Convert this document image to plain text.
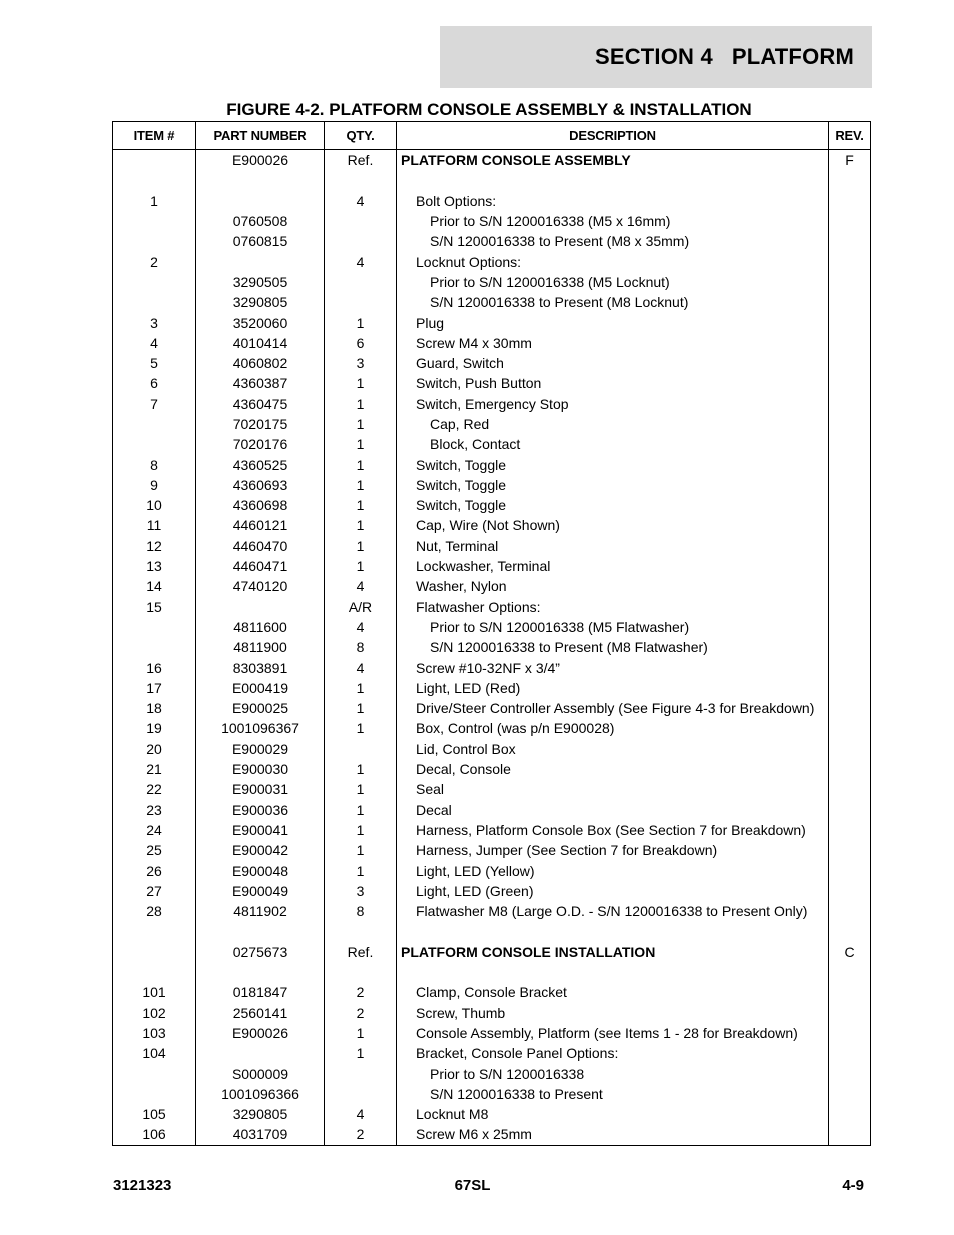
SECTION 4   PLATFORM
FIGURE 4-2. PLATFORM CONSOLE ASSEMBLY & INSTALLATION
ITEM #	PART NUMBER	QTY.	DESCRIPTION	REV.
	E900026	Ref.	PLATFORM CONSOLE ASSEMBLY	F

1		4	Bolt Options:	
	0760508		Prior to S/N 1200016338 (M5 x 16mm)	
	0760815		S/N 1200016338 to Present (M8 x 35mm)	
2		4	Locknut Options:	
	3290505		Prior to S/N 1200016338 (M5 Locknut)	
	3290805		S/N 1200016338 to Present (M8 Locknut)	
3	3520060	1	Plug	
4	4010414	6	Screw M4 x 30mm	
5	4060802	3	Guard, Switch	
6	4360387	1	Switch, Push Button	
7	4360475	1	Switch, Emergency Stop	
	7020175	1	Cap, Red	
	7020176	1	Block, Contact	
8	4360525	1	Switch, Toggle	
9	4360693	1	Switch, Toggle	
10	4360698	1	Switch, Toggle	
11	4460121	1	Cap, Wire (Not Shown)	
12	4460470	1	Nut, Terminal	
13	4460471	1	Lockwasher, Terminal	
14	4740120	4	Washer, Nylon	
15		A/R	Flatwasher Options:	
	4811600	4	Prior to S/N 1200016338 (M5 Flatwasher)	
	4811900	8	S/N 1200016338 to Present (M8 Flatwasher)	
16	8303891	4	Screw #10-32NF x 3/4”	
17	E000419	1	Light, LED (Red)	
18	E900025	1	Drive/Steer Controller Assembly (See Figure 4-3 for Breakdown)	
19	1001096367	1	Box, Control (was p/n E900028)	
20	E900029		Lid, Control Box	
21	E900030	1	Decal, Console	
22	E900031	1	Seal	
23	E900036	1	Decal	
24	E900041	1	Harness, Platform Console Box (See Section 7 for Breakdown)	
25	E900042	1	Harness, Jumper (See Section 7 for Breakdown)	
26	E900048	1	Light, LED (Yellow)	
27	E900049	3	Light, LED (Green)	
28	4811902	8	Flatwasher M8 (Large O.D. - S/N 1200016338 to Present Only)	

	0275673	Ref.	PLATFORM CONSOLE INSTALLATION	C

101	0181847	2	Clamp, Console Bracket	
102	2560141	2	Screw, Thumb	
103	E900026	1	Console Assembly, Platform (see Items 1 - 28 for Breakdown)	
104		1	Bracket, Console Panel Options:	
	S000009		Prior to S/N 1200016338	
	1001096366		S/N 1200016338 to Present	
105	3290805	4	Locknut M8	
106	4031709	2	Screw M6 x 25mm	
3121323	67SL	4-9
